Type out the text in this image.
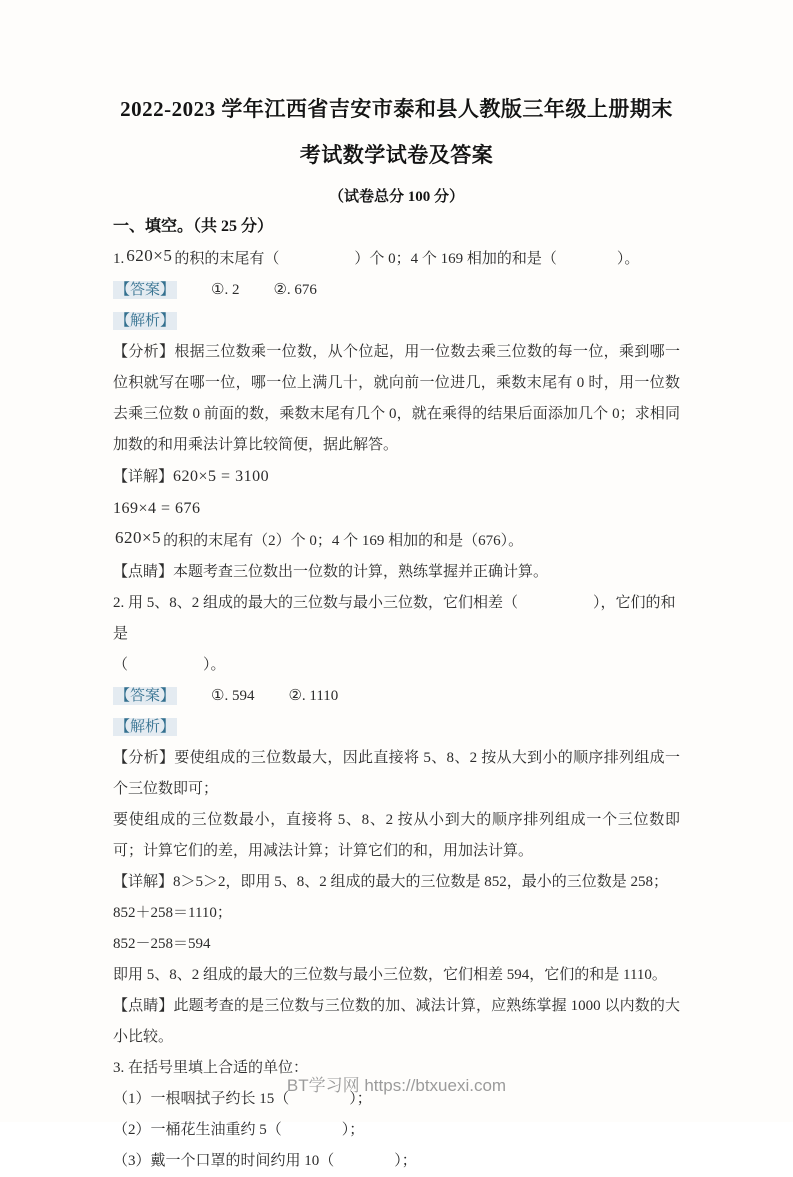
2022-2023 学年江西省吉安市泰和县人教版三年级上册期末
考试数学试卷及答案

（试卷总分 100 分）

一、填空。（共 25 分）

1. 620×5 的积的末尾有（　　　　　）个 0；4 个 169 相加的和是（　　　　）。

【答案】 ①. 2 ②. 676

【解析】

【分析】根据三位数乘一位数，从个位起，用一位数去乘三位数的每一位，乘到哪一位积就写在哪一位，哪一位上满几十，就向前一位进几，乘数末尾有 0 时，用一位数去乘三位数 0 前面的数，乘数末尾有几个 0，就在乘得的结果后面添加几个 0；求相同加数的和用乘法计算比较简便，据此解答。

【详解】620×5 = 3100

169×4 = 676

620×5 的积的末尾有（2）个 0；4 个 169 相加的和是（676）。

【点睛】本题考查三位数出一位数的计算，熟练掌握并正确计算。

2. 用 5、8、2 组成的最大的三位数与最小三位数，它们相差（　　　　　），它们的和是

（　　　　　）。

【答案】 ①. 594 ②. 1110

【解析】

【分析】要使组成的三位数最大，因此直接将 5、8、2 按从大到小的顺序排列组成一个三位数即可；

要使组成的三位数最小，直接将 5、8、2 按从小到大的顺序排列组成一个三位数即可；计算它们的差，用减法计算；计算它们的和，用加法计算。

【详解】8＞5＞2，即用 5、8、2 组成的最大的三位数是 852，最小的三位数是 258；

852＋258＝1110；

852－258＝594

即用 5、8、2 组成的最大的三位数与最小三位数，它们相差 594，它们的和是 1110。

【点睛】此题考查的是三位数与三位数的加、减法计算，应熟练掌握 1000 以内数的大小比较。

3. 在括号里填上合适的单位：

（1）一根咽拭子约长 15（　　　　）；

（2）一桶花生油重约 5（　　　　）；

（3）戴一个口罩的时间约用 10（　　　　）；

BT学习网 https://btxuexi.com
